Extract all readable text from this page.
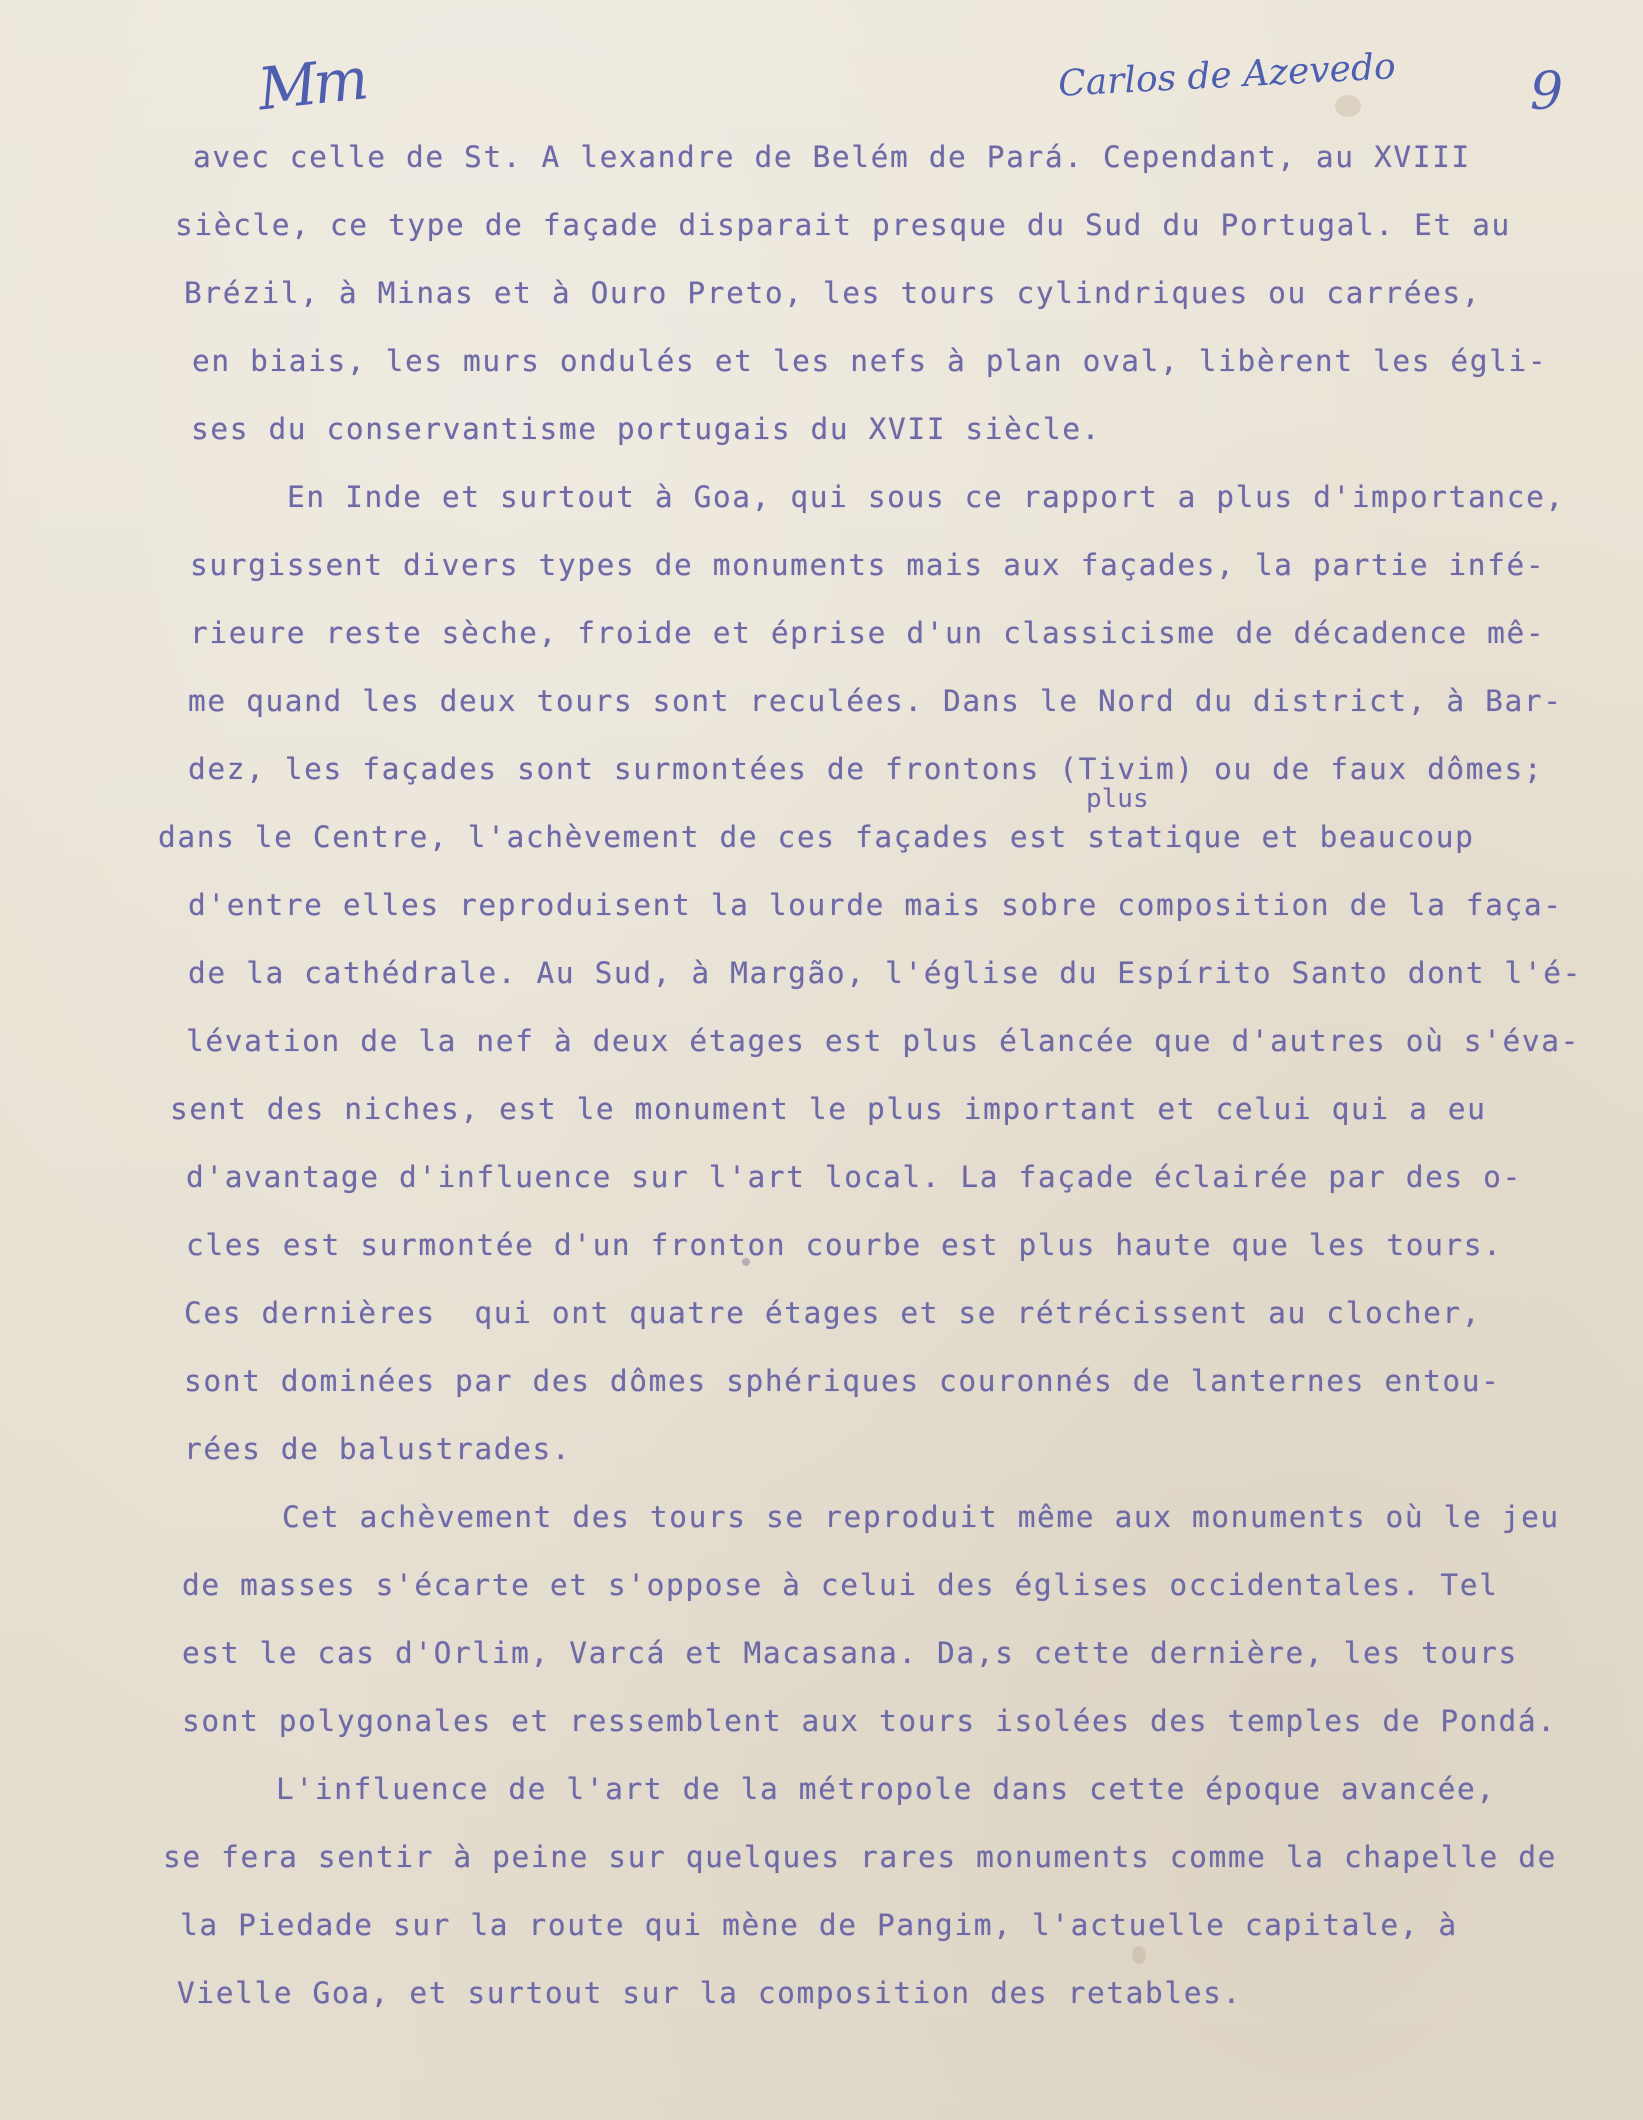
Mm	Carlos de Azevedo	9
plus
avec celle de St. A lexandre de Belém de Pará. Cependant, au XVIII
siècle, ce type de façade disparait presque du Sud du Portugal. Et au
Brézil, à Minas et à Ouro Preto, les tours cylindriques ou carrées,
en biais, les murs ondulés et les nefs à plan oval, libèrent les égli-
ses du conservantisme portugais du XVII siècle.
En Inde et surtout à Goa, qui sous ce rapport a plus d'importance,
surgissent divers types de monuments mais aux façades, la partie infé-
rieure reste sèche, froide et éprise d'un classicisme de décadence mê-
me quand les deux tours sont reculées. Dans le Nord du district, à Bar-
dez, les façades sont surmontées de frontons (Tivim) ou de faux dômes;
dans le Centre, l'achèvement de ces façades est statique et beaucoup
d'entre elles reproduisent la lourde mais sobre composition de la faça-
de la cathédrale. Au Sud, à Margão, l'église du Espírito Santo dont l'é-
lévation de la nef à deux étages est plus élancée que d'autres où s'éva-
sent des niches, est le monument le plus important et celui qui a eu
d'avantage d'influence sur l'art local. La façade éclairée par des o-
cles est surmontée d'un fronton courbe est plus haute que les tours.
Ces dernières  qui ont quatre étages et se rétrécissent au clocher,
sont dominées par des dômes sphériques couronnés de lanternes entou-
rées de balustrades.
Cet achèvement des tours se reproduit même aux monuments où le jeu
de masses s'écarte et s'oppose à celui des églises occidentales. Tel
est le cas d'Orlim, Varcá et Macasana. Da,s cette dernière, les tours
sont polygonales et ressemblent aux tours isolées des temples de Pondá.
L'influence de l'art de la métropole dans cette époque avancée,
se fera sentir à peine sur quelques rares monuments comme la chapelle de
la Piedade sur la route qui mène de Pangim, l'actuelle capitale, à
Vielle Goa, et surtout sur la composition des retables.
